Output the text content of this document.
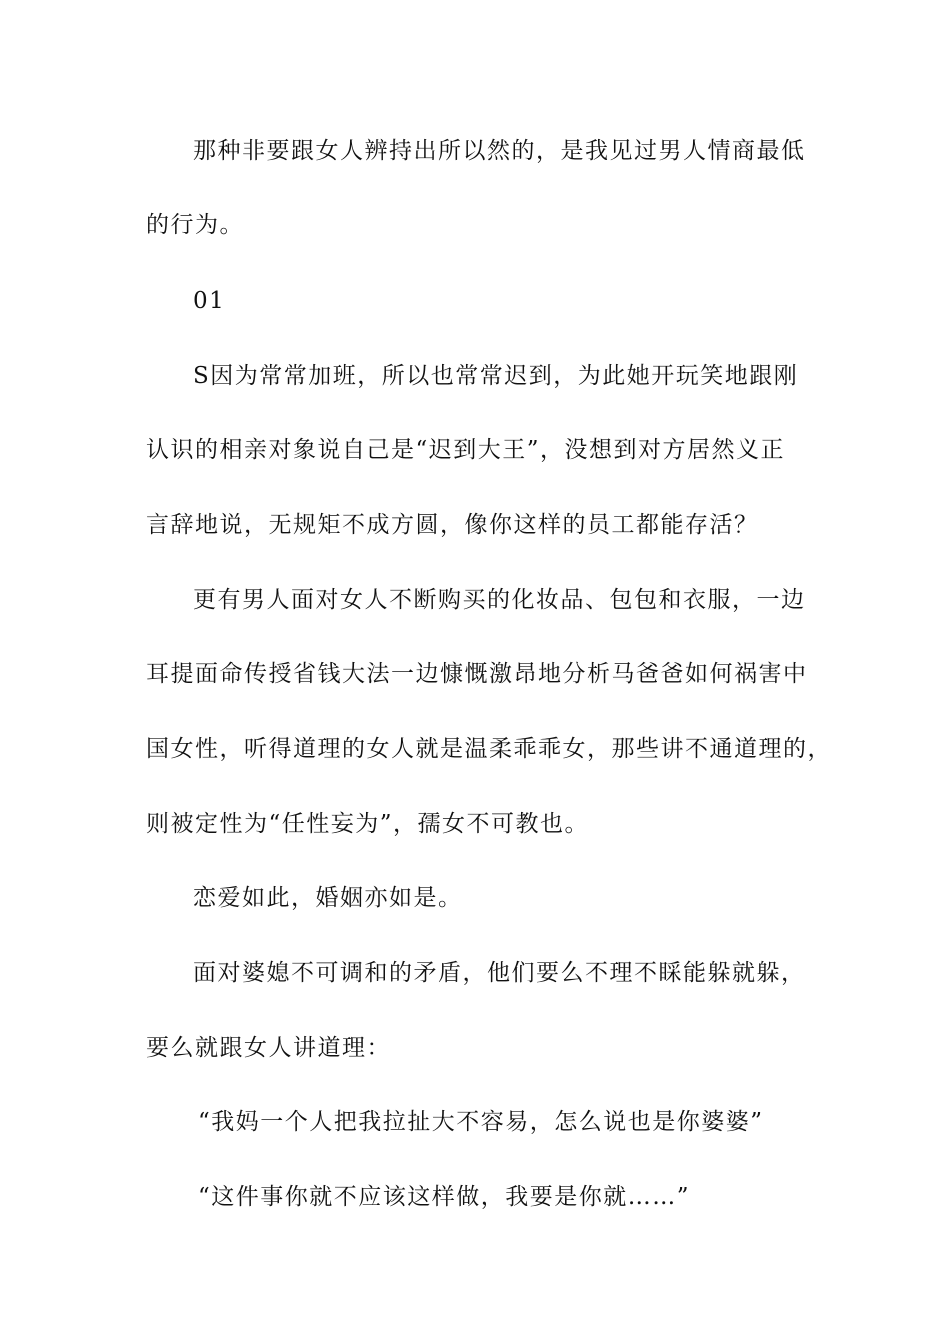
那种非要跟女人辨持出所以然的，是我见过男人情商最低
的行为。
01
S因为常常加班，所以也常常迟到，为此她开玩笑地跟刚
认识的相亲对象说自己是“迟到大王”，没想到对方居然义正
言辞地说，无规矩不成方圆，像你这样的员工都能存活？
更有男人面对女人不断购买的化妆品、包包和衣服，一边
耳提面命传授省钱大法一边慷慨激昂地分析马爸爸如何祸害中
国女性，听得道理的女人就是温柔乖乖女，那些讲不通道理的，
则被定性为“任性妄为”，孺女不可教也。
恋爱如此，婚姻亦如是。
面对婆媳不可调和的矛盾，他们要么不理不睬能躲就躲，
要么就跟女人讲道理：
“我妈一个人把我拉扯大不容易，怎么说也是你婆婆”
“这件事你就不应该这样做，我要是你就……”
